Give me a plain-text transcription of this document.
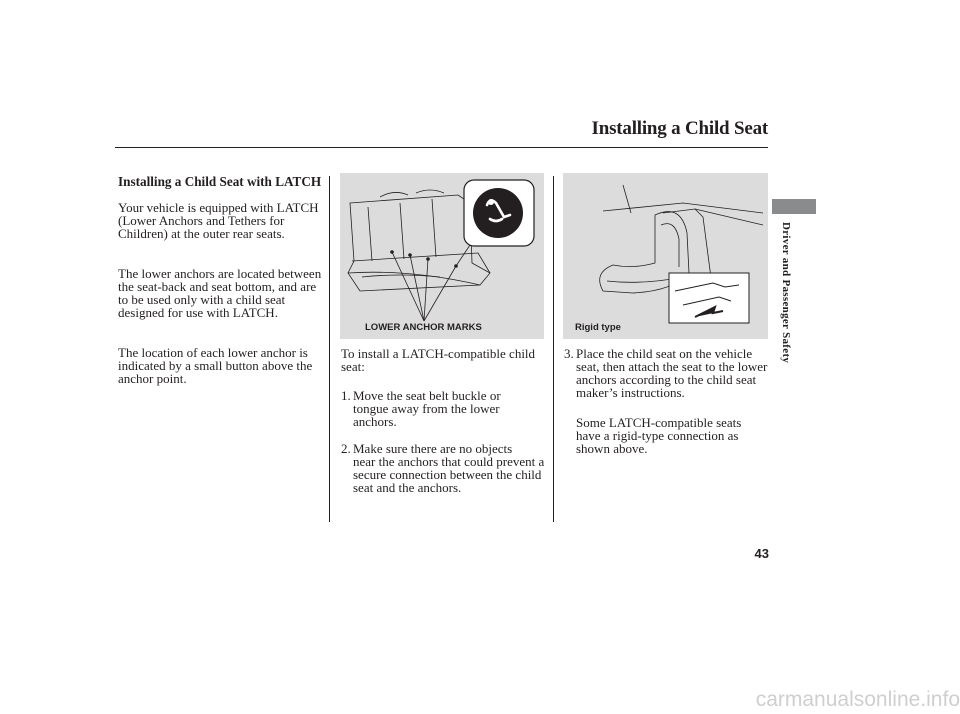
Installing a Child Seat
Installing a Child Seat with LATCH

Your vehicle is equipped with LATCH (Lower Anchors and Tethers for Children) at the outer rear seats.

The lower anchors are located between the seat-back and seat bottom, and are to be used only with a child seat designed for use with LATCH.

The location of each lower anchor is indicated by a small button above the anchor point.

LOWER ANCHOR MARKS

To install a LATCH-compatible child seat:

1. Move the seat belt buckle or
tongue away from the lower anchors.
2. Make sure there are no objects
near the anchors that could prevent a secure connection between the child seat and the anchors.
Rigid type
3. Place the child seat on the vehicle
seat, then attach the seat to the lower anchors according to the child seat maker’s instructions.

Some LATCH-compatible seats have a rigid-type connection as shown above.

Driver and Passenger Safety
43
carmanualsonline.info
